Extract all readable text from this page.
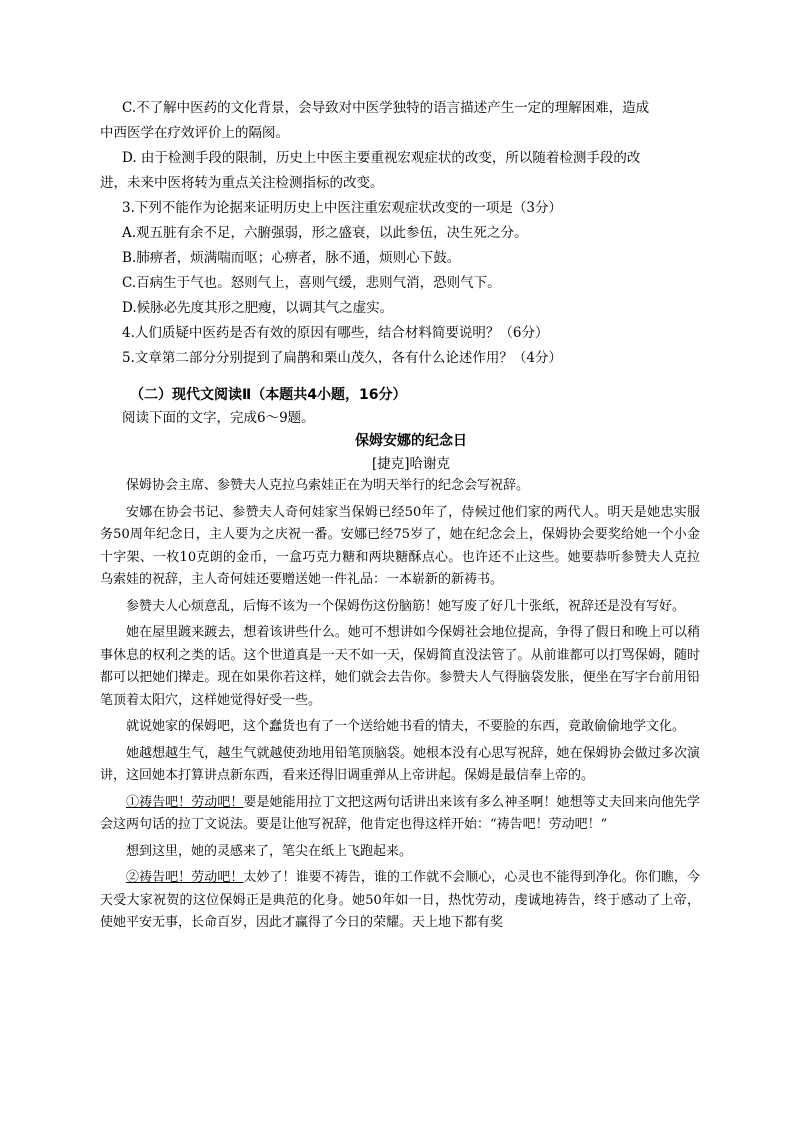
C.不了解中医药的文化背景，会导致对中医学独特的语言描述产生一定的理解困难，造成

中西医学在疗效评价上的隔阂。

D. 由于检测手段的限制，历史上中医主要重视宏观症状的改变，所以随着检测手段的改

进，未来中医将转为重点关注检测指标的改变。

3.下列不能作为论据来证明历史上中医注重宏观症状改变的一项是（3分）

A.观五脏有余不足，六腑强弱，形之盛衰，以此参伍，决生死之分。

B.肺痹者，烦满喘而呕；心痹者，脉不通，烦则心下鼓。

C.百病生于气也。怒则气上，喜则气缓，悲则气消，恐则气下。

D.候脉必先度其形之肥瘦，以调其气之虚实。

4.人们质疑中医药是否有效的原因有哪些，结合材料简要说明？（6分）

5.文章第二部分分别提到了扁鹊和栗山茂久，各有什么论述作用？（4分）

（二）现代文阅读Ⅱ（本题共4小题，16分）

阅读下面的文字，完成6～9题。

保姆安娜的纪念日

[捷克]哈谢克

保姆协会主席、参赞夫人克拉乌索娃正在为明天举行的纪念会写祝辞。

安娜在协会书记、参赞夫人奇何娃家当保姆已经50年了，侍候过他们家的两代人。明天是她忠实服务50周年纪念日，主人要为之庆祝一番。安娜已经75岁了，她在纪念会上，保姆协会要奖给她一个小金十字架、一枚10克朗的金币，一盒巧克力糖和两块糖酥点心。也许还不止这些。她要恭听参赞夫人克拉乌索娃的祝辞，主人奇何娃还要赠送她一件礼品：一本崭新的新祷书。

参赞夫人心烦意乱，后悔不该为一个保姆伤这份脑筋！她写废了好几十张纸，祝辞还是没有写好。

她在屋里踱来踱去，想着该讲些什么。她可不想讲如今保姆社会地位提高，争得了假日和晚上可以稍事休息的权利之类的话。这个世道真是一天不如一天，保姆简直没法管了。从前谁都可以打骂保姆，随时都可以把她们撵走。现在如果你若这样，她们就会去告你。参赞夫人气得脑袋发胀，便坐在写字台前用铅笔顶着太阳穴，这样她觉得好受一些。

就说她家的保姆吧，这个蠢货也有了一个送给她书看的情夫，不要脸的东西，竟敢偷偷地学文化。

她越想越生气，越生气就越使劲地用铅笔顶脑袋。她根本没有心思写祝辞，她在保姆协会做过多次演讲，这回她本打算讲点新东西，看来还得旧调重弹从上帝讲起。保姆是最信奉上帝的。

①祷告吧！劳动吧！要是她能用拉丁文把这两句话讲出来该有多么神圣啊！她想等丈夫回来向他先学会这两句话的拉丁文说法。要是让他写祝辞，他肯定也得这样开始：“祷告吧！劳动吧！”

想到这里，她的灵感来了，笔尖在纸上飞跑起来。

②祷告吧！劳动吧！太妙了！谁要不祷告，谁的工作就不会顺心，心灵也不能得到净化。你们瞧，今天受大家祝贺的这位保姆正是典范的化身。她50年如一日，热忱劳动，虔诚地祷告，终于感动了上帝，使她平安无事，长命百岁，因此才赢得了今日的荣耀。天上地下都有奖
